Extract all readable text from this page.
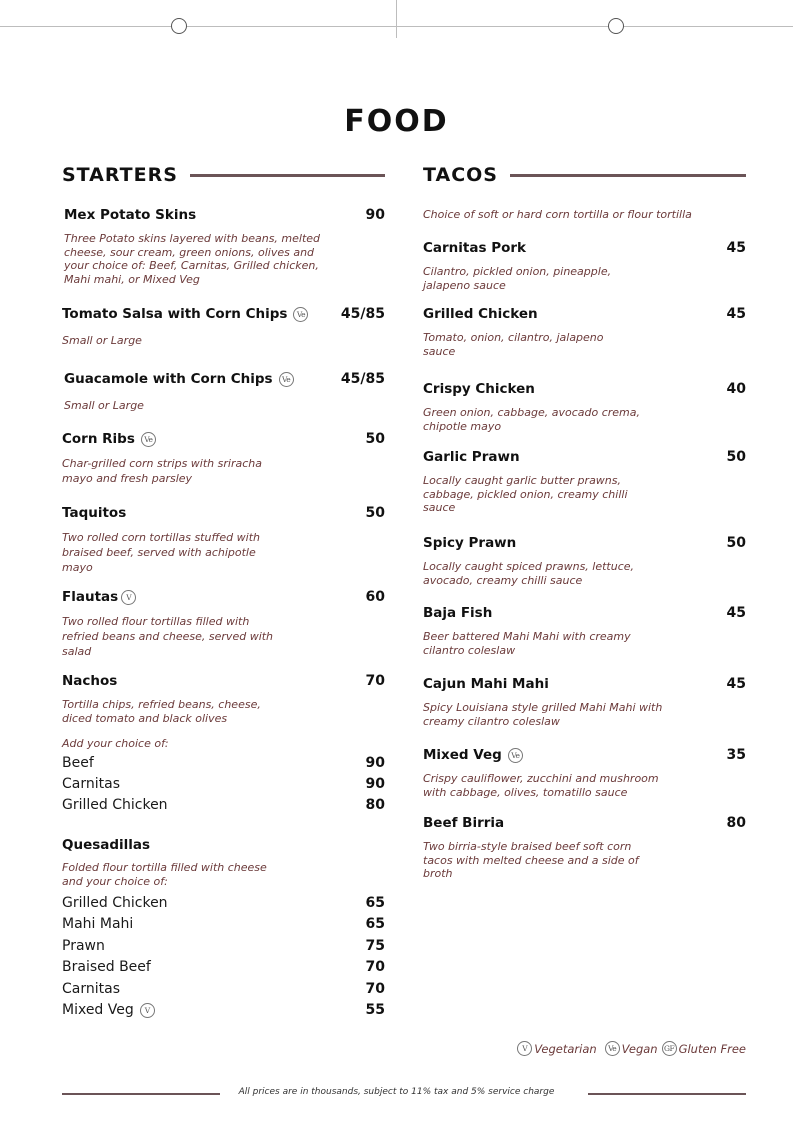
FOOD
STARTERS
Mex Potato Skins	90
Three Potato skins layered with beans, melted cheese, sour cream, green onions, olives and your choice of: Beef, Carnitas, Grilled chicken, Mahi mahi, or Mixed Veg
Tomato Salsa with Corn Chips	Ve	45/85
Small or Large
Guacamole with Corn Chips	Ve	45/85
Small or Large
Corn Ribs	Ve	50
Char-grilled corn strips with sriracha mayo and fresh parsley
Taquitos	50
Two rolled corn tortillas stuffed with braised beef, served with achipotle mayo
Flautas	V	60
Two rolled flour tortillas filled with refried beans and cheese, served with salad
Nachos	70
Tortilla chips, refried beans, cheese, diced tomato and black olives
Add your choice of:
Beef	90
Carnitas	90
Grilled Chicken	80
Quesadillas
Folded flour tortilla filled with cheese and your choice of:
Grilled Chicken	65
Mahi Mahi	65
Prawn	75
Braised Beef	70
Carnitas	70
Mixed Veg	V	55
TACOS
Choice of soft or hard corn tortilla or flour tortilla
Carnitas Pork	45
Cilantro, pickled onion, pineapple, jalapeno sauce
Grilled Chicken	45
Tomato, onion, cilantro, jalapeno sauce
Crispy Chicken	40
Green onion, cabbage, avocado crema, chipotle mayo
Garlic Prawn	50
Locally caught garlic butter prawns, cabbage, pickled onion, creamy chilli sauce
Spicy Prawn	50
Locally caught spiced prawns, lettuce, avocado, creamy chilli sauce
Baja Fish	45
Beer battered Mahi Mahi with creamy cilantro coleslaw
Cajun Mahi Mahi	45
Spicy Louisiana style grilled Mahi Mahi with creamy cilantro coleslaw
Mixed Veg	Ve	35
Crispy cauliflower, zucchini and mushroom with cabbage, olives, tomatillo sauce
Beef Birria	80
Two birria-style braised beef soft corn tacos with melted cheese and a side of broth
V Vegetarian	Ve Vegan GF Gluten Free
All prices are in thousands, subject to 11% tax and 5% service charge
